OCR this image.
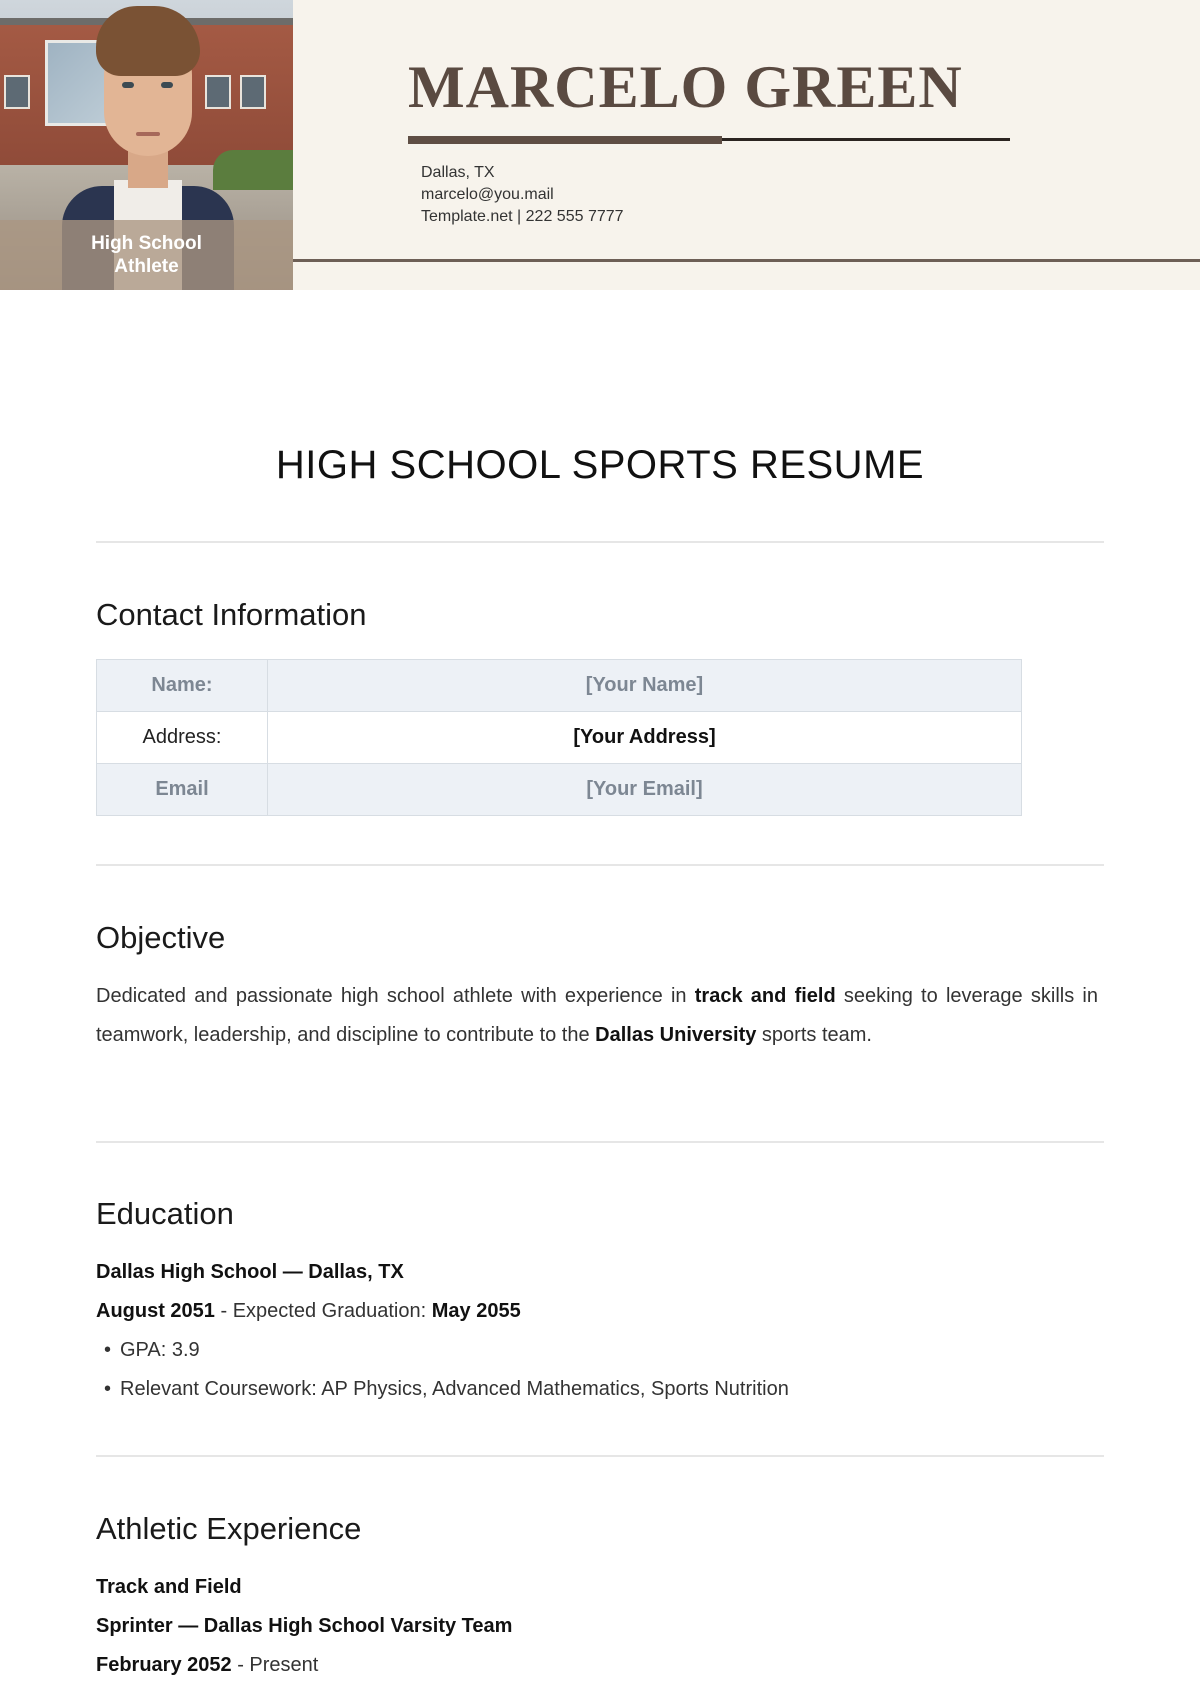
High School Athlete
MARCELO GREEN
Dallas, TX
marcelo@you.mail
Template.net | 222 555 7777
HIGH SCHOOL SPORTS RESUME
Contact Information
Name:	[Your Name]
Address:	[Your Address]
Email	[Your Email]
Objective

Dedicated and passionate high school athlete with experience in track and field seeking to leverage skills in teamwork, leadership, and discipline to contribute to the Dallas University sports team.

Education

Dallas High School — Dallas, TX

August 2051 - Expected Graduation: May 2055

• GPA: 3.9

• Relevant Coursework: AP Physics, Advanced Mathematics, Sports Nutrition

Athletic Experience

Track and Field

Sprinter — Dallas High School Varsity Team

February 2052 - Present
